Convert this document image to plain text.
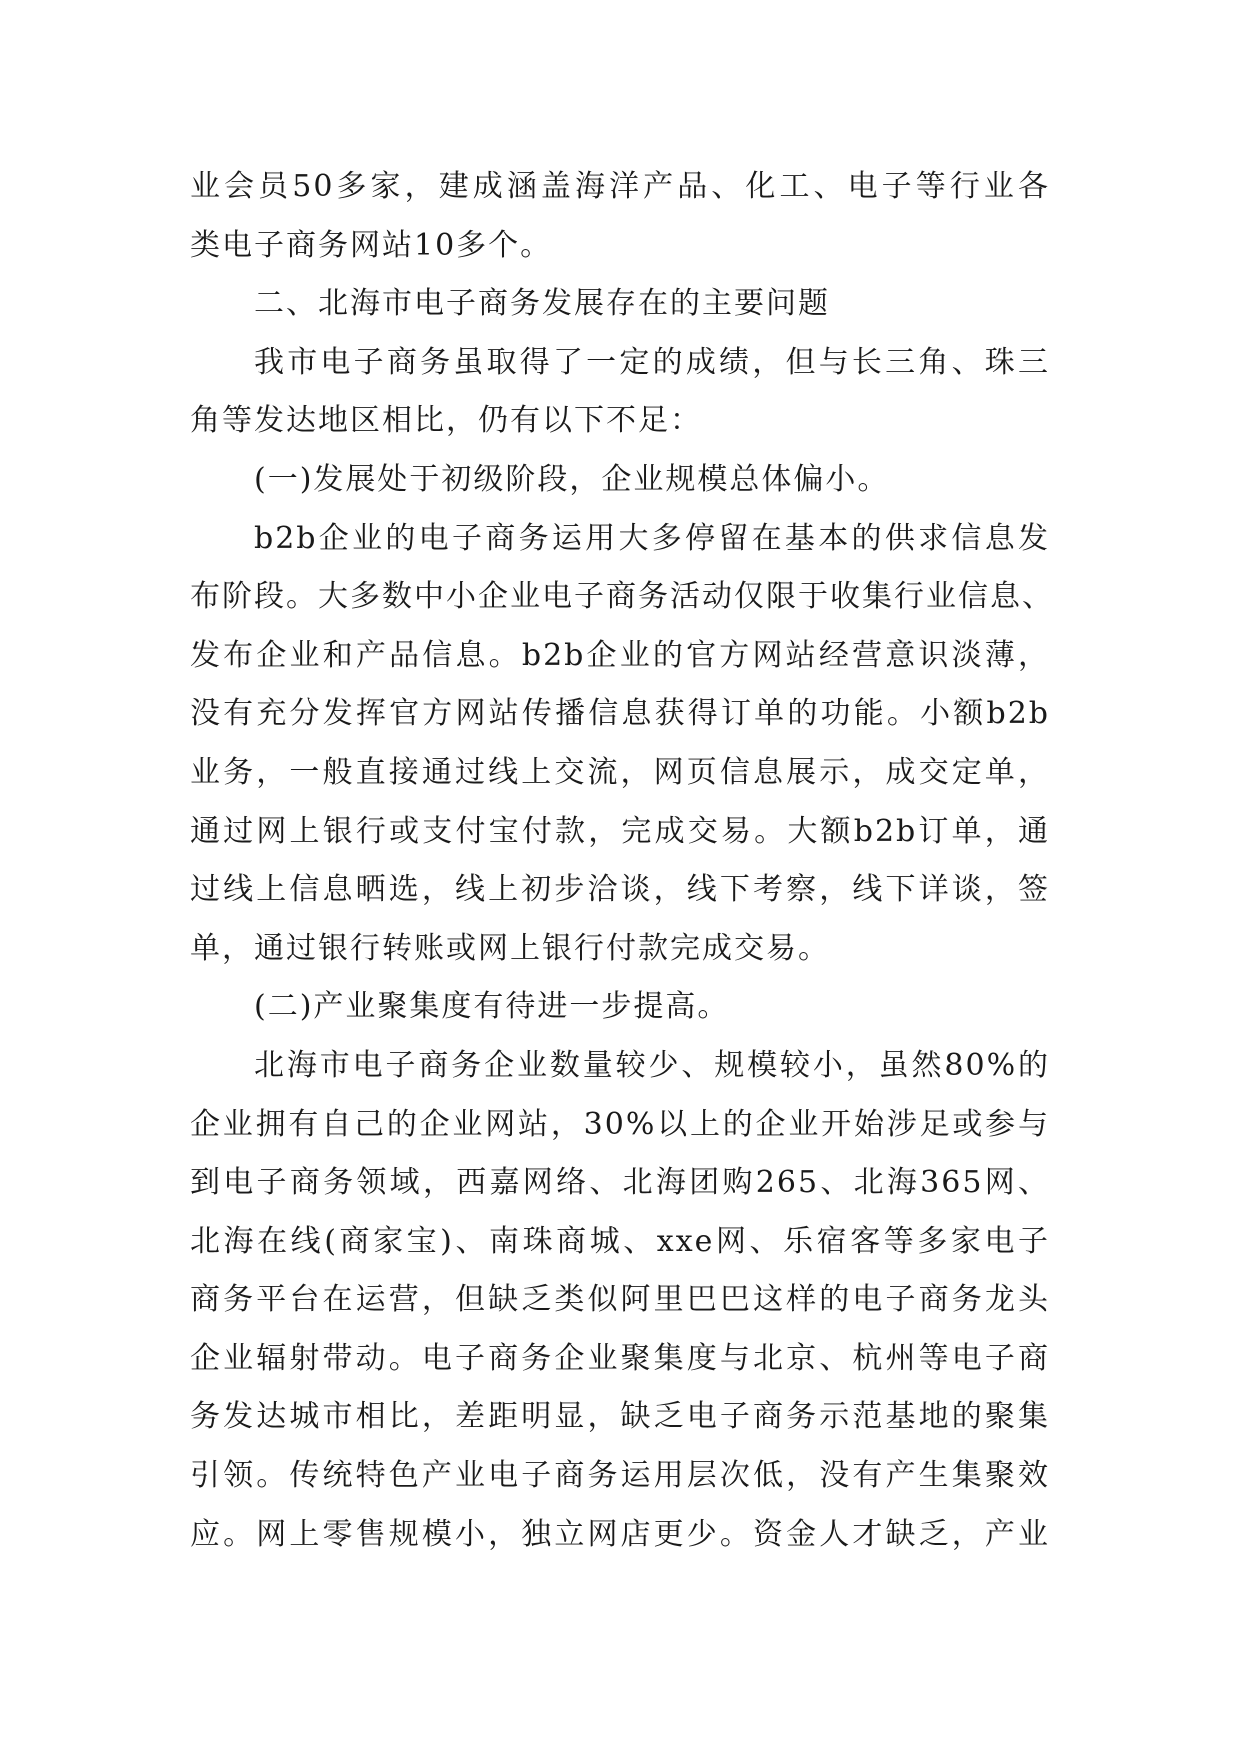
业会员50多家，建成涵盖海洋产品、化工、电子等行业各
类电子商务网站10多个。
二、北海市电子商务发展存在的主要问题
我市电子商务虽取得了一定的成绩，但与长三角、珠三
角等发达地区相比，仍有以下不足：
(一)发展处于初级阶段，企业规模总体偏小。
b2b企业的电子商务运用大多停留在基本的供求信息发
布阶段。大多数中小企业电子商务活动仅限于收集行业信息、
发布企业和产品信息。b2b企业的官方网站经营意识淡薄，
没有充分发挥官方网站传播信息获得订单的功能。小额b2b
业务，一般直接通过线上交流，网页信息展示，成交定单，
通过网上银行或支付宝付款，完成交易。大额b2b订单，通
过线上信息晒选，线上初步洽谈，线下考察，线下详谈，签
单，通过银行转账或网上银行付款完成交易。
(二)产业聚集度有待进一步提高。
北海市电子商务企业数量较少、规模较小，虽然80%的
企业拥有自己的企业网站，30%以上的企业开始涉足或参与
到电子商务领域，西嘉网络、北海团购265、北海365网、
北海在线(商家宝)、南珠商城、xxe网、乐宿客等多家电子
商务平台在运营，但缺乏类似阿里巴巴这样的电子商务龙头
企业辐射带动。电子商务企业聚集度与北京、杭州等电子商
务发达城市相比，差距明显，缺乏电子商务示范基地的聚集
引领。传统特色产业电子商务运用层次低，没有产生集聚效
应。网上零售规模小，独立网店更少。资金人才缺乏，产业
